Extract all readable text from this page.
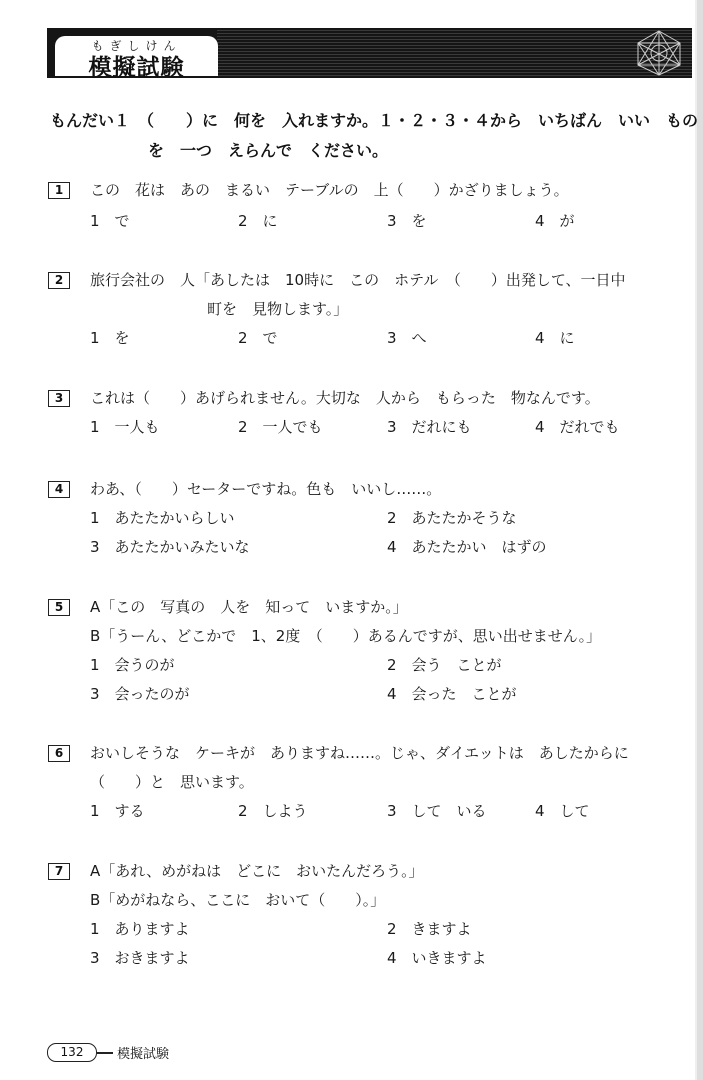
もぎしけん
模擬試験
もんだい１　（　　）に　何を　入れますか。１・２・３・４から　いちばん　いい　もの
を　一つ　えらんで　ください。
1	この　花は　あの　まるい　テーブルの　上（　　）かざりましょう。
1　で	2　に	3　を	4　が
2	旅行会社の　人「あしたは　10時に　この　ホテル　（　　）出発して、一日中
町を　見物します。」
1　を	2　で	3　へ	4　に
3	これは（　　）あげられません。大切な　人から　もらった　物なんです。
1　一人も	2　一人でも	3　だれにも	4　だれでも
4	わあ、（　　）セーターですね。色も　いいし……。
1　あたたかいらしい	2　あたたかそうな
3　あたたかいみたいな	4　あたたかい　はずの
5	A「この　写真の　人を　知って　いますか。」
B「うーん、どこかで　1、2度　（　　）あるんですが、思い出せません。」
1　会うのが	2　会う　ことが
3　会ったのが	4　会った　ことが
6	おいしそうな　ケーキが　ありますね……。じゃ、ダイエットは　あしたからに
（　　）と　思います。
1　する	2　しよう	3　して　いる	4　して
7	A「あれ、めがねは　どこに　おいたんだろう。」
B「めがねなら、ここに　おいて（　　）。」
1　ありますよ	2　きますよ
3　おきますよ	4　いきますよ
132	模擬試験
